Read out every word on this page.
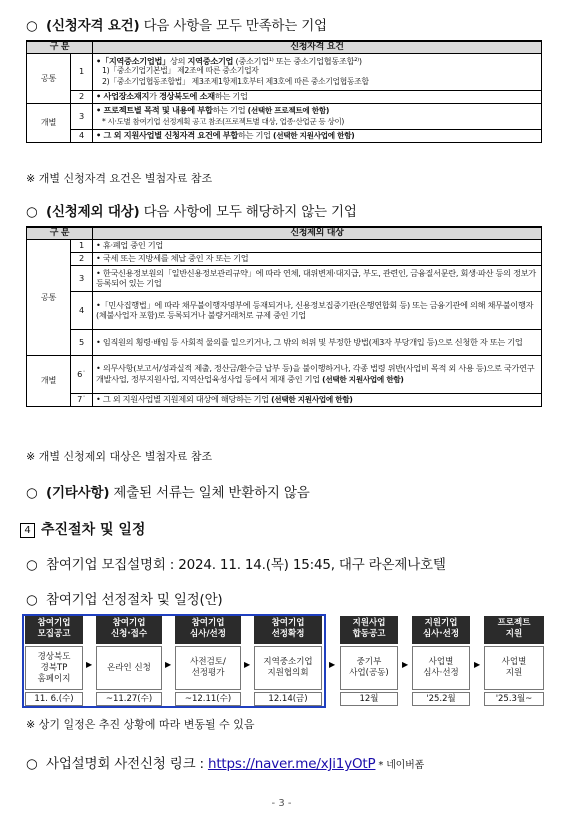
○ (신청자격 요건) 다음 사항을 모두 만족하는 기업
구 분		신청자격 요건
공통	1	•「지역중소기업법」상의 지역중소기업 (중소기업¹⁾ 또는 중소기업협동조합²⁾)
1)「중소기업기본법」 제2조에 따른 중소기업자
2)「중소기업협동조합법」 제3조제1항제1호부터 제3호에 따른 중소기업협동조합

	2	• 사업장소재지가 경상북도에 소재하는 기업
개별	3	• 프로젝트별 목적 및 내용에 부합하는 기업 (선택한 프로젝트에 한함)
* 시·도별 참여기업 선정계획 공고 참조(프로젝트별 대상, 업종·산업군 등 상이)

	4	• 그 외 지원사업별 신청자격 요건에 부합하는 기업 (선택한 지원사업에 한함)
※ 개별 신청자격 요건은 별첨자료 참조
○ (신청제외 대상) 다음 사항에 모두 해당하지 않는 기업
구 분		신청제외 대상
공통	1	• 휴·폐업 중인 기업
	2	• 국세 또는 지방세를 체납 중인 자 또는 기업
	3	• 한국신용정보원의「일반신용정보관리규약」에 따라 연체, 대위변제·대지급, 부도, 관련인, 금융질서문란, 회생·파산 등의 정보가 등록되어 있는 기업
	4	•「민사집행법」에 따라 채무불이행자명부에 등재되거나, 신용정보집중기관(은행연합회 등) 또는 금융기관에 의해 채무불이행자(체불사업자 포함)로 등록되거나 불량거래처로 규제 중인 기업
	5	• 임직원의 횡령·배임 등 사회적 물의를 일으키거나, 그 밖의 허위 및 부정한 방법(제3자 부당개입 등)으로 신청한 자 또는 기업
개별	6˙	• 의무사항(보고서/성과실적 제출, 정산금/환수금 납부 등)을 불이행하거나, 각종 법령 위반(사업비 목적 외 사용 등)으로 국가연구개발사업, 정부지원사업, 지역산업육성사업 등에서 제재 중인 기업 (선택한 지원사업에 한함)
	7˙	• 그 외 지원사업별 지원제외 대상에 해당하는 기업 (선택한 지원사업에 한함)
※ 개별 신청제외 대상은 별첨자료 참조
○ (기타사항) 제출된 서류는 일체 반환하지 않음
4 추진절차 및 일정
○ 참여기업 모집설명회 : 2024. 11. 14.(목) 15:45, 대구 라온제나호텔
○ 참여기업 선정절차 및 일정(안)
참여기업
모집공고
경상북도
경북TP
홈페이지
11. 6.(수)
▶
참여기업
신청·접수
온라인 신청
~11.27(수)
▶
참여기업
심사/선정
사전검토/
선정평가
~12.11(수)
▶
참여기업
선정확정
지역중소기업
지원협의회
12.14(금)
▶
지원사업
합동공고
중기부
사업(공동)
12월
▶
지원기업
심사·선정
사업별
심사·선정
'25.2월
▶
프로젝트
지원
사업별
지원
'25.3월~
※ 상기 일정은 추진 상황에 따라 변동될 수 있음
○ 사업설명회 사전신청 링크 : https://naver.me/xJi1yOtP * 네이버폼
- 3 -
